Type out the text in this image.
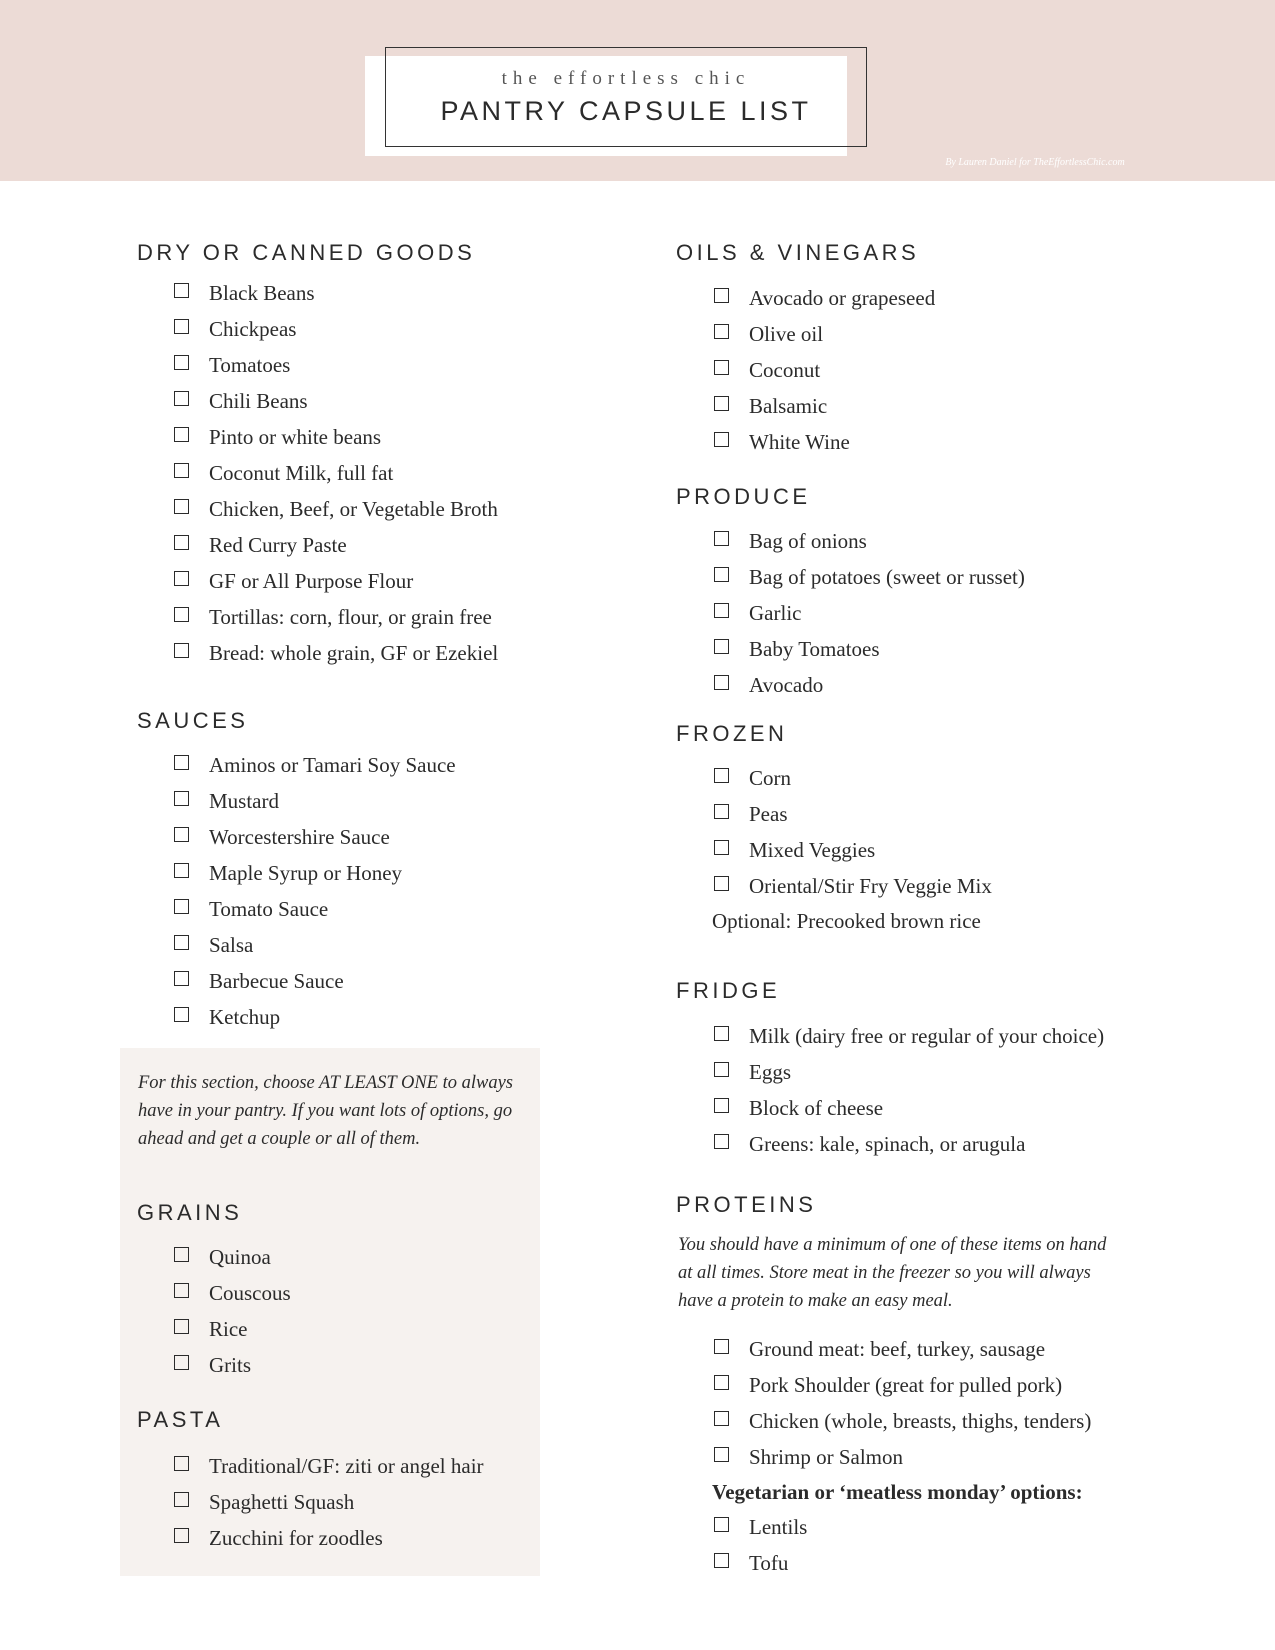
the effortless chic
PANTRY CAPSULE LIST
By Lauren Daniel for TheEffortlessChic.com
DRY OR CANNED GOODS
Black Beans
Chickpeas
Tomatoes
Chili Beans
Pinto or white beans
Coconut Milk, full fat
Chicken, Beef, or Vegetable Broth
Red Curry Paste
GF or All Purpose Flour
Tortillas: corn, flour, or grain free
Bread: whole grain, GF or Ezekiel
SAUCES
Aminos or Tamari Soy Sauce
Mustard
Worcestershire Sauce
Maple Syrup or Honey
Tomato Sauce
Salsa
Barbecue Sauce
Ketchup
For this section, choose AT LEAST ONE to always have in your pantry. If you want lots of options, go ahead and get a couple or all of them.
GRAINS
Quinoa
Couscous
Rice
Grits
PASTA
Traditional/GF: ziti or angel hair
Spaghetti Squash
Zucchini for zoodles
OILS & VINEGARS
Avocado or grapeseed
Olive oil
Coconut
Balsamic
White Wine
PRODUCE
Bag of onions
Bag of potatoes (sweet or russet)
Garlic
Baby Tomatoes
Avocado
FROZEN
Corn
Peas
Mixed Veggies
Oriental/Stir Fry Veggie Mix
Optional: Precooked brown rice
FRIDGE
Milk (dairy free or regular of your choice)
Eggs
Block of cheese
Greens: kale, spinach, or arugula
PROTEINS
You should have a minimum of one of these items on hand at all times. Store meat in the freezer so you will always have a protein to make an easy meal.
Ground meat: beef, turkey, sausage
Pork Shoulder (great for pulled pork)
Chicken (whole, breasts, thighs, tenders)
Shrimp or Salmon
Vegetarian or ‘meatless monday’ options:
Lentils
Tofu
